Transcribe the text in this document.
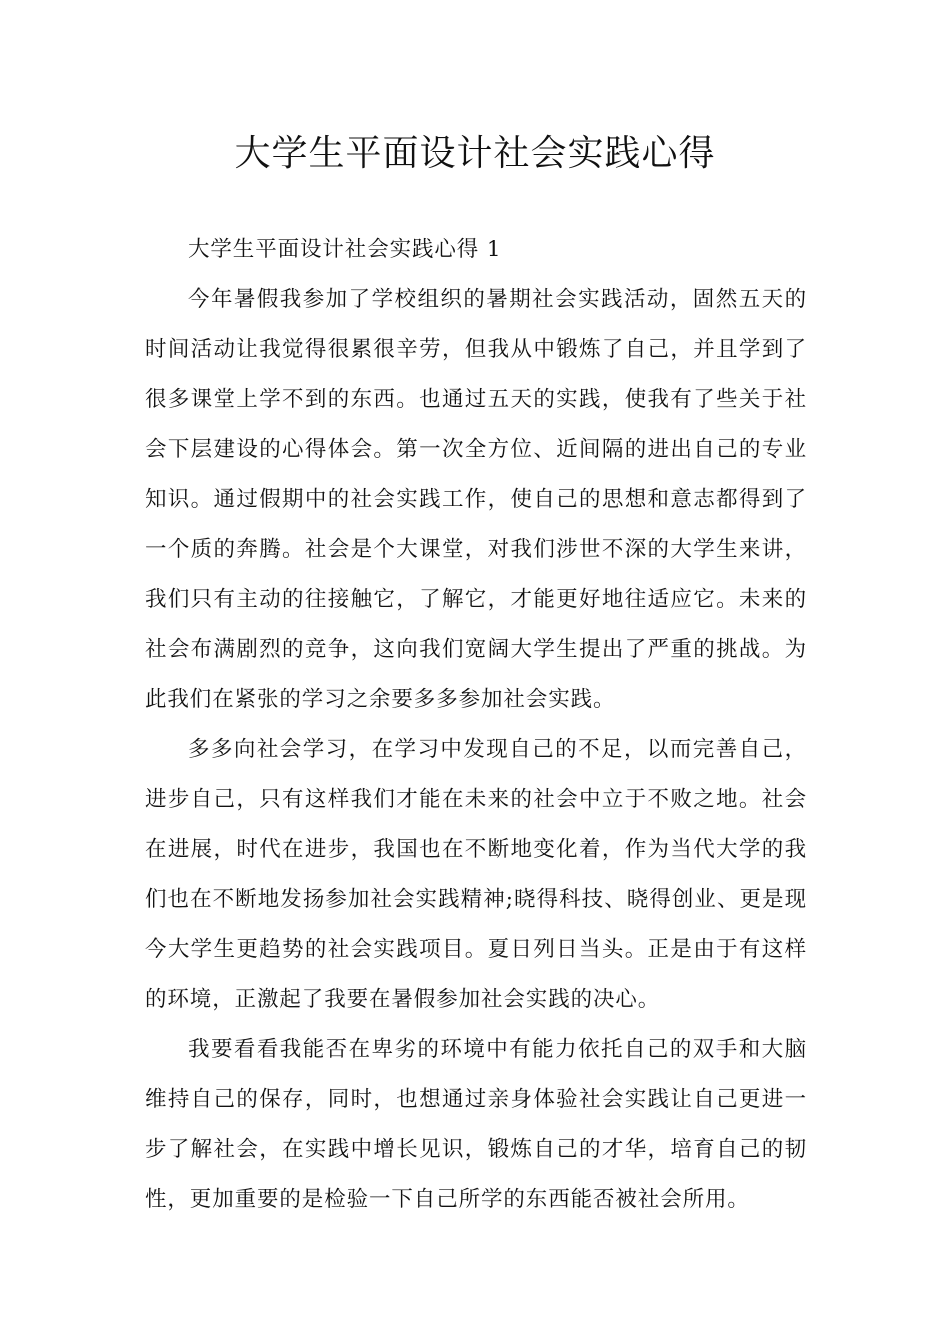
大学生平面设计社会实践心得

大学生平面设计社会实践心得 1

今年暑假我参加了学校组织的暑期社会实践活动，固然五天的时间活动让我觉得很累很辛劳，但我从中锻炼了自己，并且学到了很多课堂上学不到的东西。也通过五天的实践，使我有了些关于社会下层建设的心得体会。第一次全方位、近间隔的进出自己的专业知识。通过假期中的社会实践工作，使自己的思想和意志都得到了一个质的奔腾。社会是个大课堂，对我们涉世不深的大学生来讲，我们只有主动的往接触它，了解它，才能更好地往适应它。未来的社会布满剧烈的竞争，这向我们宽阔大学生提出了严重的挑战。为此我们在紧张的学习之余要多多参加社会实践。

多多向社会学习，在学习中发现自己的不足，以而完善自己，进步自己，只有这样我们才能在未来的社会中立于不败之地。社会在进展，时代在进步，我国也在不断地变化着，作为当代大学的我们也在不断地发扬参加社会实践精神;晓得科技、晓得创业、更是现今大学生更趋势的社会实践项目。夏日列日当头。正是由于有这样的环境，正激起了我要在暑假参加社会实践的决心。

我要看看我能否在卑劣的环境中有能力依托自己的双手和大脑维持自己的保存，同时，也想通过亲身体验社会实践让自己更进一步了解社会，在实践中增长见识，锻炼自己的才华，培育自己的韧性，更加重要的是检验一下自己所学的东西能否被社会所用。
